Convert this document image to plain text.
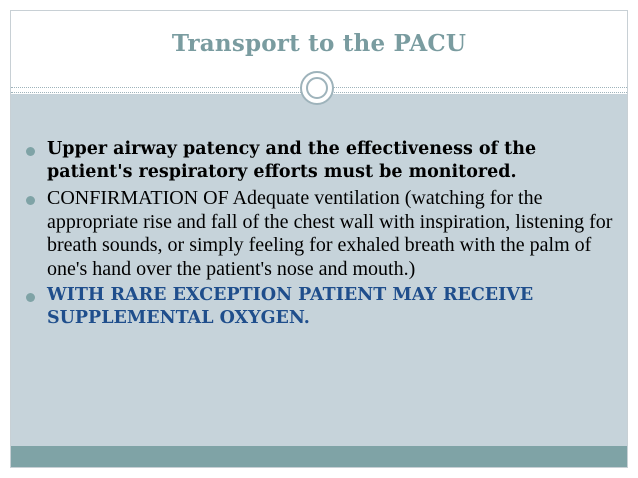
Transport to the PACU
Upper airway patency and the effectiveness of the patient's respiratory efforts must be monitored.
CONFIRMATION OF Adequate ventilation (watching for the appropriate rise and fall of the chest wall with inspiration, listening for breath sounds, or simply feeling for exhaled breath with the palm of one's hand over the patient's nose and mouth.)
WITH RARE EXCEPTION PATIENT MAY RECEIVE SUPPLEMENTAL OXYGEN.
